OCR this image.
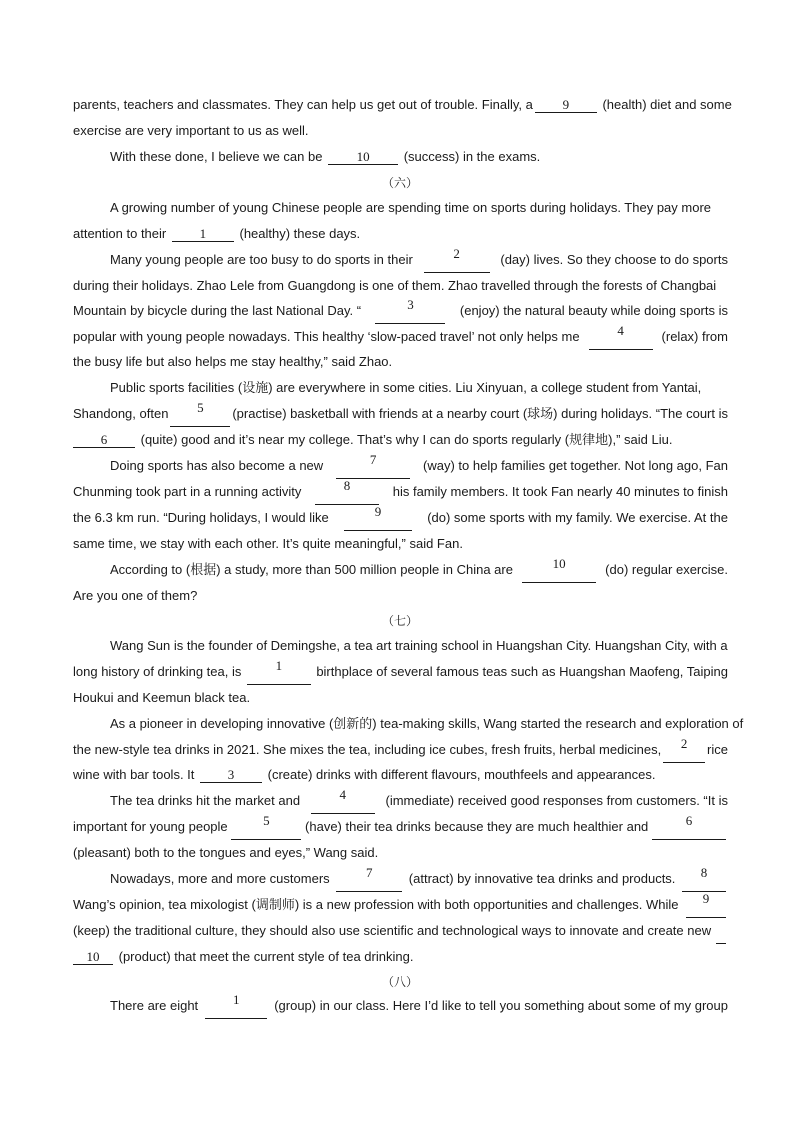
parents, teachers and classmates. They can help us get out of trouble. Finally, a	9	(health) diet and some
exercise are very important to us as well.
With these done, I believe we can be	10	(success) in the exams.
（六）
A growing number of young Chinese people are spending time on sports during holidays. They pay more
attention to their	1	(healthy) these days.
Many young people are too busy to do sports in their	2	(day) lives. So they choose to do sports
during their holidays. Zhao Lele from Guangdong is one of them. Zhao travelled through the forests of Changbai
Mountain by bicycle during the last National Day. “	3	(enjoy) the natural beauty while doing sports is
popular with young people nowadays. This healthy ‘slow-paced travel’ not only helps me	4	(relax) from
the busy life but also helps me stay healthy,” said Zhao.
Public sports facilities (设施) are everywhere in some cities. Liu Xinyuan, a college student from Yantai,
Shandong, often	5	(practise) basketball with friends at a nearby court (球场) during holidays. “The court is
6	(quite) good and it’s near my college. That’s why I can do sports regularly (规律地),” said Liu.
Doing sports has also become a new	7	(way) to help families get together. Not long ago, Fan
Chunming took part in a running activity	8	his family members. It took Fan nearly 40 minutes to finish
the 6.3 km run. “During holidays, I would like	9	(do) some sports with my family. We exercise. At the
same time, we stay with each other. It’s quite meaningful,” said Fan.
According to (根据) a study, more than 500 million people in China are	10	(do) regular exercise.
Are you one of them?
（七）
Wang Sun is the founder of Demingshe, a tea art training school in Huangshan City. Huangshan City, with a
long history of drinking tea, is	1	birthplace of several famous teas such as Huangshan Maofeng, Taiping
Houkui and Keemun black tea.
As a pioneer in developing innovative (创新的) tea-making skills, Wang started the research and exploration of
the new-style tea drinks in 2021. She mixes the tea, including ice cubes, fresh fruits, herbal medicines,	2	rice
wine with bar tools. It	3	(create) drinks with different flavours, mouthfeels and appearances.
The tea drinks hit the market and	4	(immediate) received good responses from customers. “It is
important for young people	5	(have) their tea drinks because they are much healthier and	6
(pleasant) both to the tongues and eyes,” Wang said.
Nowadays, more and more customers	7	(attract) by innovative tea drinks and products.	8
Wang’s opinion, tea mixologist (调制师) is a new profession with both opportunities and challenges. While	9
(keep) the traditional culture, they should also use scientific and technological ways to innovate and create new
10 (product) that meet the current style of tea drinking.
（八）
There are eight	1	(group) in our class. Here I’d like to tell you something about some of my group
